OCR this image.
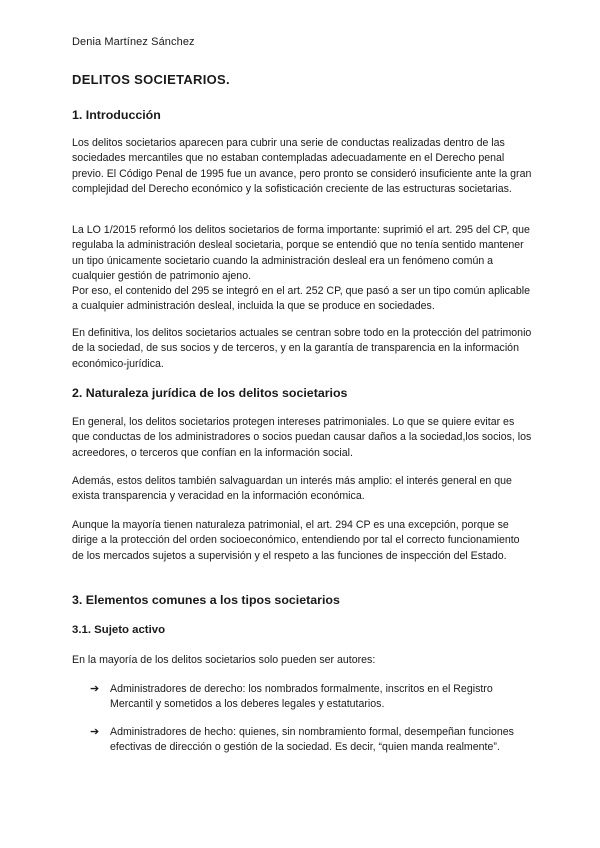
Denia Martínez Sánchez
DELITOS SOCIETARIOS.
1. Introducción

Los delitos societarios aparecen para cubrir una serie de conductas realizadas dentro de las sociedades mercantiles que no estaban contempladas adecuadamente en el Derecho penal previo. El Código Penal de 1995 fue un avance, pero pronto se consideró insuficiente ante la gran complejidad del Derecho económico y la sofisticación creciente de las estructuras societarias.

La LO 1/2015 reformó los delitos societarios de forma importante: suprimió el art. 295 del CP, que regulaba la administración desleal societaria, porque se entendió que no tenía sentido mantener un tipo únicamente societario cuando la administración desleal era un fenómeno común a cualquier gestión de patrimonio ajeno.

Por eso, el contenido del 295 se integró en el art. 252 CP, que pasó a ser un tipo común aplicable a cualquier administración desleal, incluida la que se produce en sociedades.

En definitiva, los delitos societarios actuales se centran sobre todo en la protección del patrimonio de la sociedad, de sus socios y de terceros, y en la garantía de transparencia en la información económico-jurídica.

2. Naturaleza jurídica de los delitos societarios

En general, los delitos societarios protegen intereses patrimoniales. Lo que se quiere evitar es que conductas de los administradores o socios puedan causar daños a la sociedad,los socios, los acreedores, o terceros que confían en la información social.

Además, estos delitos también salvaguardan un interés más amplio: el interés general en que exista transparencia y veracidad en la información económica.

Aunque la mayoría tienen naturaleza patrimonial, el art. 294 CP es una excepción, porque se dirige a la protección del orden socioeconómico, entendiendo por tal el correcto funcionamiento de los mercados sujetos a supervisión y el respeto a las funciones de inspección del Estado.

3. Elementos comunes a los tipos societarios
3.1. Sujeto activo

En la mayoría de los delitos societarios solo pueden ser autores:

➔ Administradores de derecho: los nombrados formalmente, inscritos en el Registro Mercantil y sometidos a los deberes legales y estatutarios.
➔ Administradores de hecho: quienes, sin nombramiento formal, desempeñan funciones efectivas de dirección o gestión de la sociedad. Es decir, “quien manda realmente”.
